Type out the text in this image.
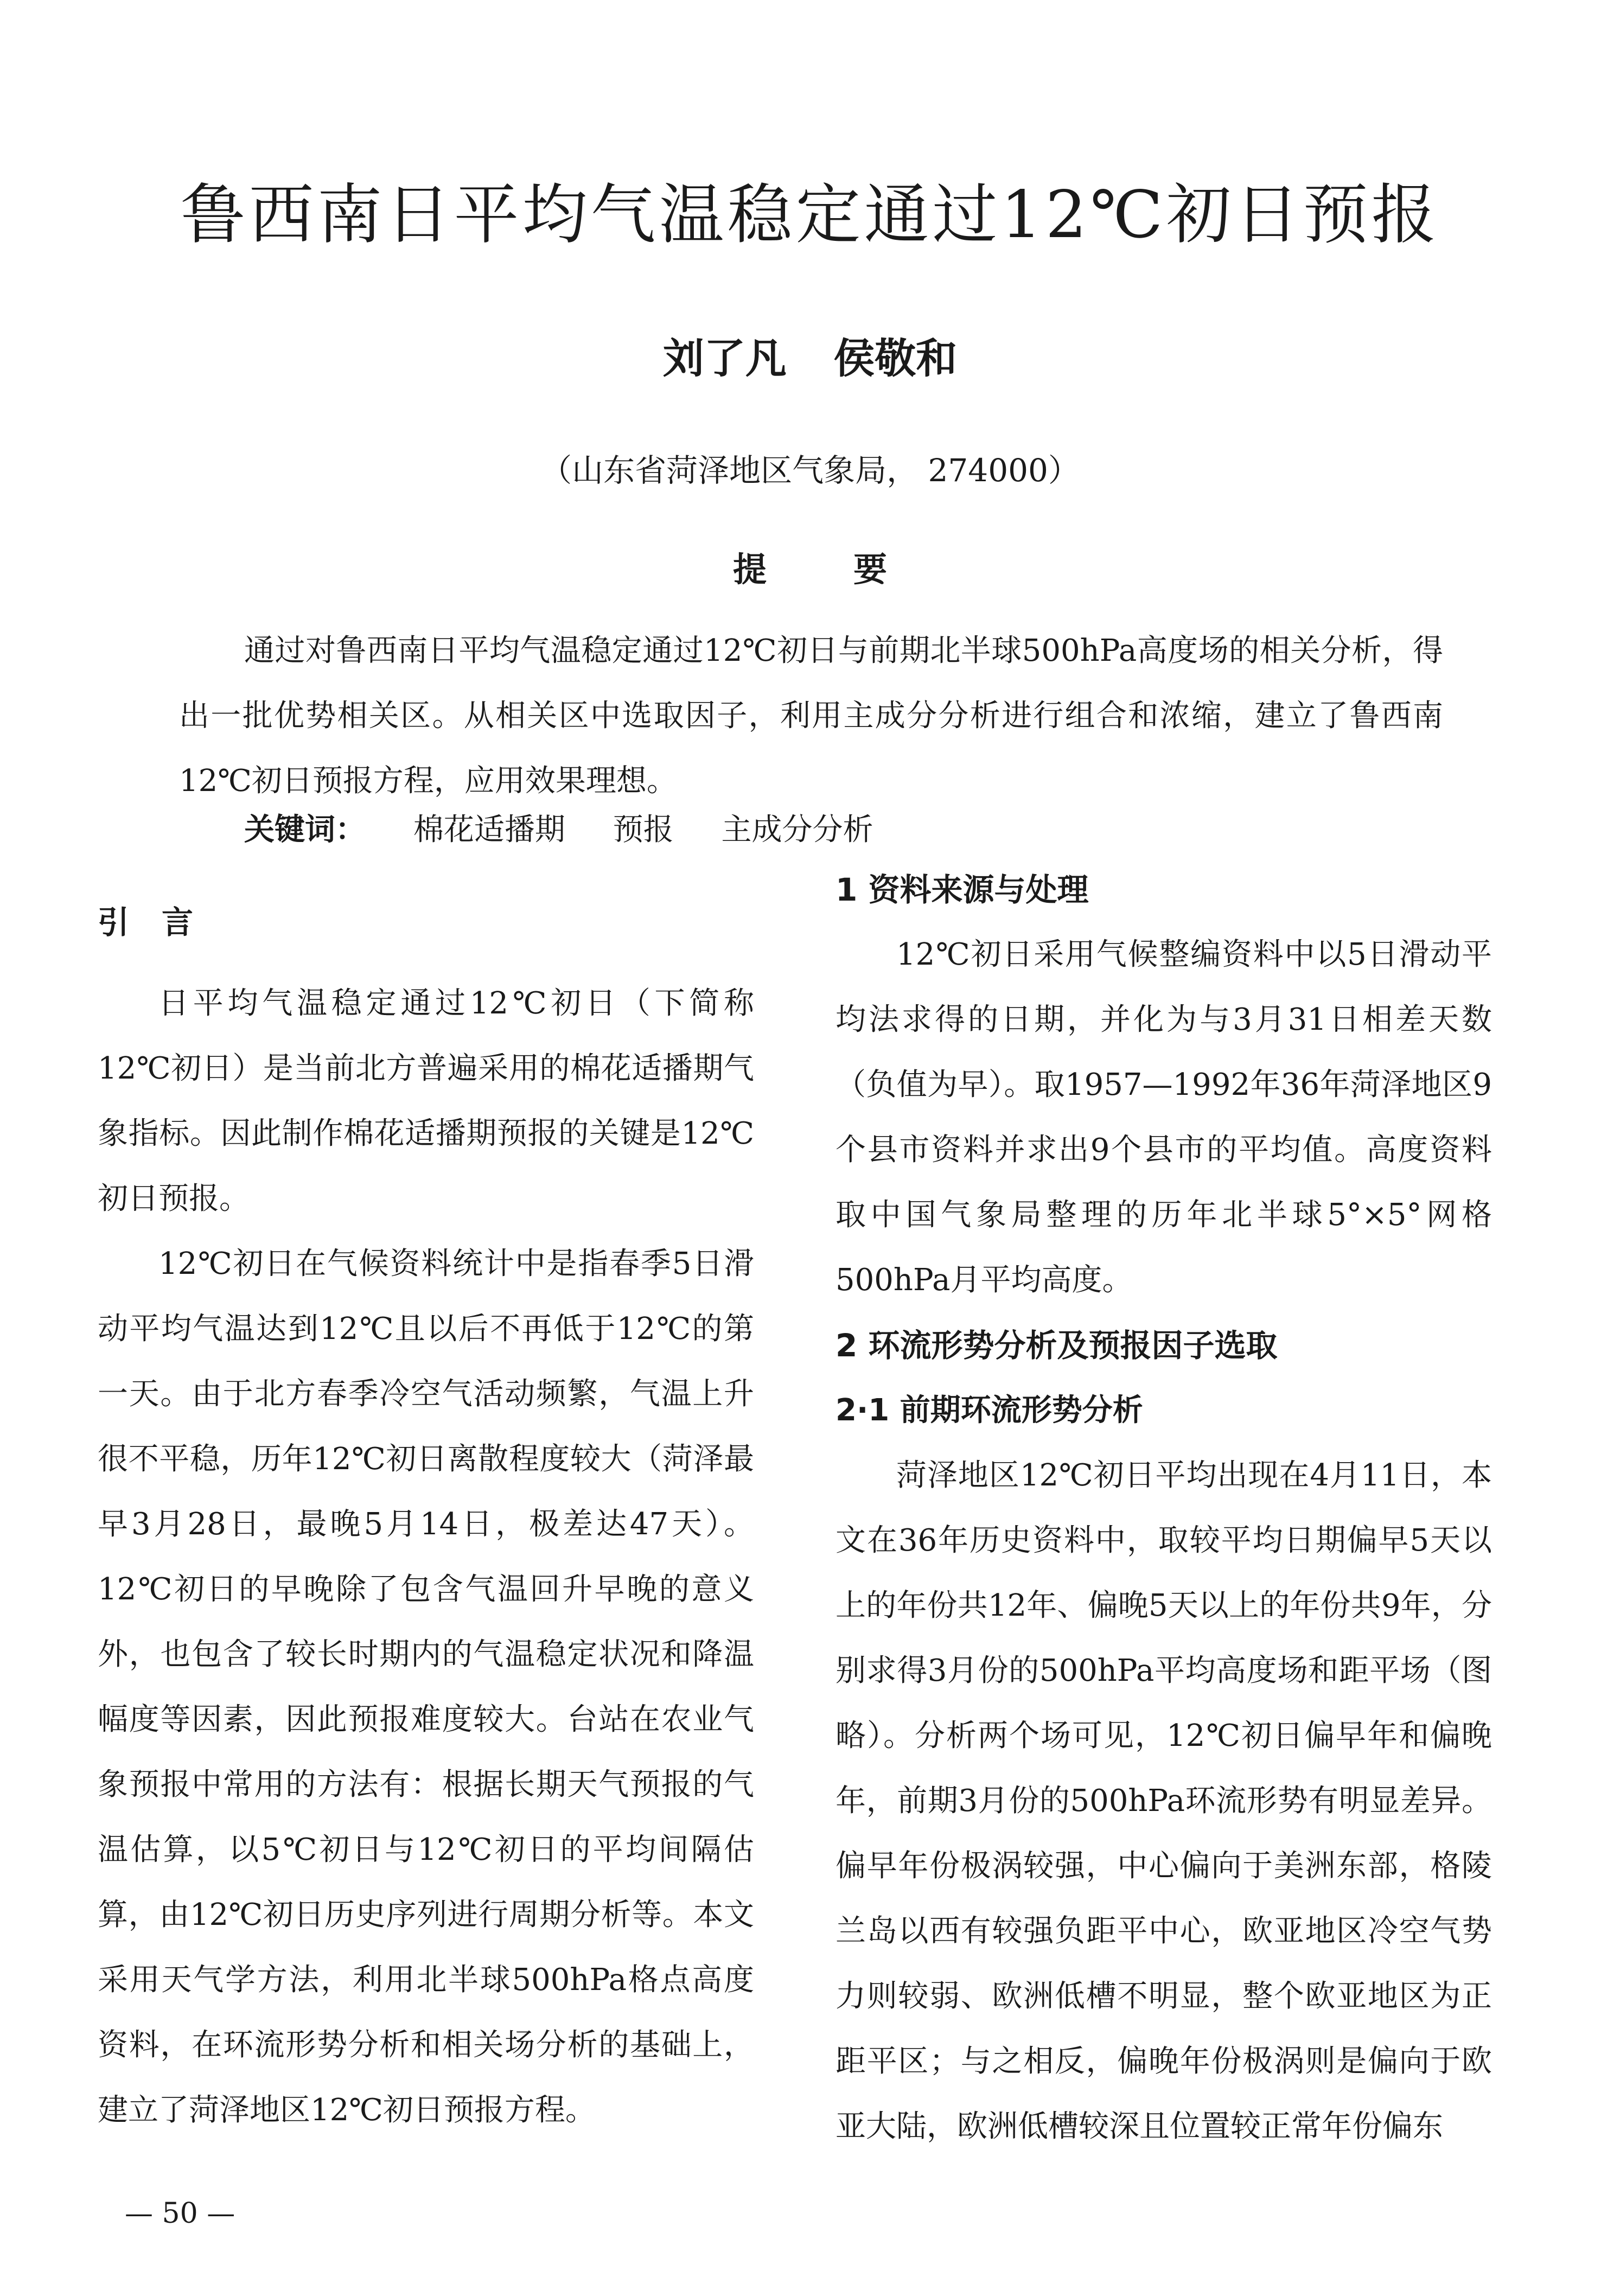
鲁西南日平均气温稳定通过12℃初日预报
刘了凡 侯敬和
（山东省菏泽地区气象局， 274000）
提要
通过对鲁西南日平均气温稳定通过12℃初日与前期北半球500hPa高度场的相关分析，得出一批优势相关区。从相关区中选取因子，利用主成分分析进行组合和浓缩，建立了鲁西南12℃初日预报方程，应用效果理想。
关键词： 棉花适播期 预报 主成分分析
引言

日平均气温稳定通过12℃初日（下简称12℃初日）是当前北方普遍采用的棉花适播期气象指标。因此制作棉花适播期预报的关键是12℃初日预报。

12℃初日在气候资料统计中是指春季5日滑动平均气温达到12℃且以后不再低于12℃的第一天。由于北方春季冷空气活动频繁，气温上升很不平稳，历年12℃初日离散程度较大（菏泽最早3月28日，最晚5月14日，极差达47天）。12℃初日的早晚除了包含气温回升早晚的意义外，也包含了较长时期内的气温稳定状况和降温幅度等因素，因此预报难度较大。台站在农业气象预报中常用的方法有：根据长期天气预报的气温估算，以5℃初日与12℃初日的平均间隔估算，由12℃初日历史序列进行周期分析等。本文采用天气学方法，利用北半球500hPa格点高度资料，在环流形势分析和相关场分析的基础上，建立了菏泽地区12℃初日预报方程。

1 资料来源与处理

12℃初日采用气候整编资料中以5日滑动平均法求得的日期，并化为与3月31日相差天数（负值为早）。取1957—1992年36年菏泽地区9个县市资料并求出9个县市的平均值。高度资料取中国气象局整理的历年北半球5°×5°网格500hPa月平均高度。

2 环流形势分析及预报因子选取
2·1 前期环流形势分析

菏泽地区12℃初日平均出现在4月11日，本文在36年历史资料中，取较平均日期偏早5天以上的年份共12年、偏晚5天以上的年份共9年，分别求得3月份的500hPa平均高度场和距平场（图略）。分析两个场可见，12℃初日偏早年和偏晚年，前期3月份的500hPa环流形势有明显差异。偏早年份极涡较强，中心偏向于美洲东部，格陵兰岛以西有较强负距平中心，欧亚地区冷空气势力则较弱、欧洲低槽不明显，整个欧亚地区为正距平区；与之相反，偏晚年份极涡则是偏向于欧亚大陆，欧洲低槽较深且位置较正常年份偏东

— 50 —
